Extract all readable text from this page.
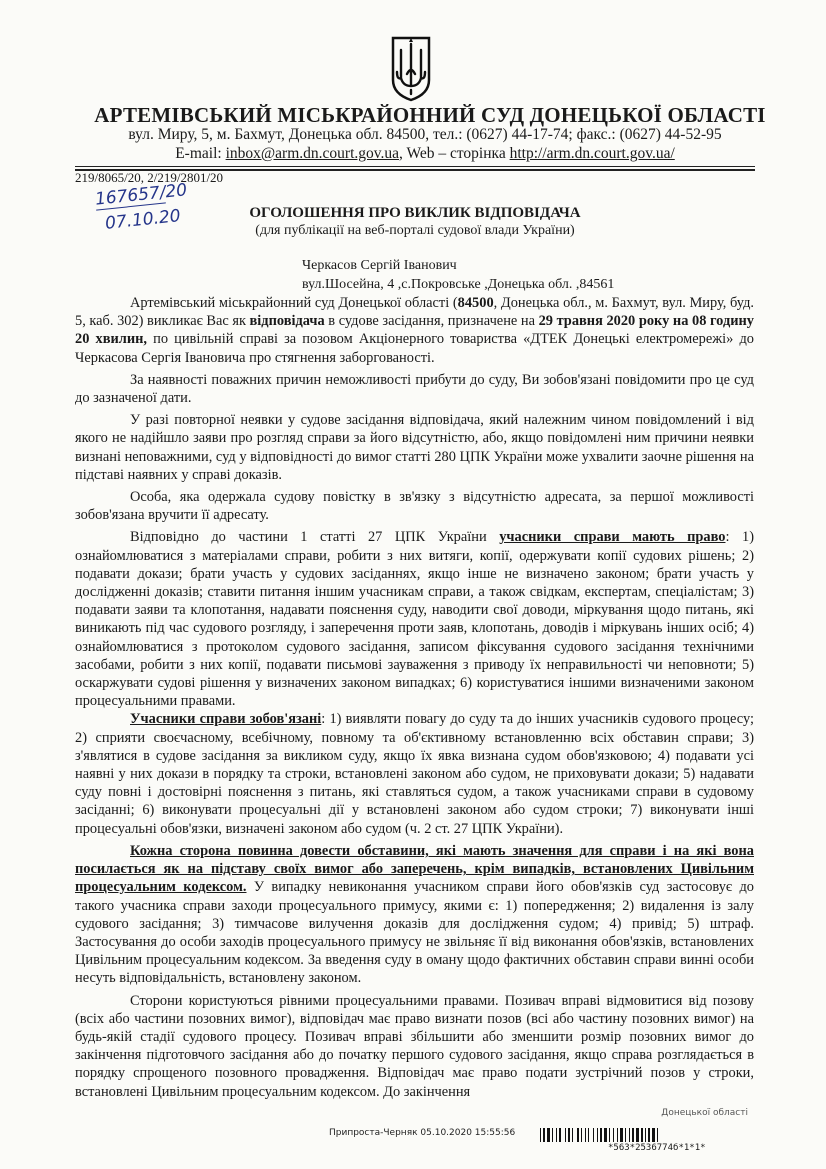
АРТЕМІВСЬКИЙ МІСЬКРАЙОННИЙ СУД ДОНЕЦЬКОЇ ОБЛАСТІ
вул. Миру, 5, м. Бахмут, Донецька обл. 84500, тел.: (0627) 44-17-74; факс.: (0627) 44-52-95
E-mail: inbox@arm.dn.court.gov.ua, Web – сторінка http://arm.dn.court.gov.ua/
219/8065/20, 2/219/2801/20
167657/20
07.10.20	ОГОЛОШЕННЯ ПРО ВИКЛИК ВІДПОВІДАЧА
(для публікації на веб-порталі судової влади України)
Черкасов Сергій Іванович
вул.Шосейна, 4 ,с.Покровське ,Донецька обл. ,84561

Артемівський міськрайонний суд Донецької області (84500, Донецька обл., м. Бахмут, вул. Миру, буд. 5, каб. 302) викликає Вас як відповідача в судове засідання, призначене на 29 травня 2020 року на 08 годину 20 хвилин, по цивільній справі за позовом Акціонерного товариства «ДТЕК Донецькі електромережі» до Черкасова Сергія Івановича про стягнення заборгованості.

За наявності поважних причин неможливості прибути до суду, Ви зобов'язані повідомити про це суд до зазначеної дати.

У разі повторної неявки у судове засідання відповідача, який належним чином повідомлений і від якого не надійшло заяви про розгляд справи за його відсутністю, або, якщо повідомлені ним причини неявки визнані неповажними, суд у відповідності до вимог статті 280 ЦПК України може ухвалити заочне рішення на підставі наявних у справі доказів.

Особа, яка одержала судову повістку в зв'язку з відсутністю адресата, за першої можливості зобов'язана вручити її адресату.

Відповідно до частини 1 статті 27 ЦПК України учасники справи мають право: 1) ознайомлюватися з матеріалами справи, робити з них витяги, копії, одержувати копії судових рішень; 2) подавати докази; брати участь у судових засіданнях, якщо інше не визначено законом; брати участь у дослідженні доказів; ставити питання іншим учасникам справи, а також свідкам, експертам, спеціалістам; 3) подавати заяви та клопотання, надавати пояснення суду, наводити свої доводи, міркування щодо питань, які виникають під час судового розгляду, і заперечення проти заяв, клопотань, доводів і міркувань інших осіб; 4) ознайомлюватися з протоколом судового засідання, записом фіксування судового засідання технічними засобами, робити з них копії, подавати письмові зауваження з приводу їх неправильності чи неповноти; 5) оскаржувати судові рішення у визначених законом випадках; 6) користуватися іншими визначеними законом процесуальними правами.

Учасники справи зобов'язані: 1) виявляти повагу до суду та до інших учасників судового процесу; 2) сприяти своєчасному, всебічному, повному та об'єктивному встановленню всіх обставин справи; 3) з'являтися в судове засідання за викликом суду, якщо їх явка визнана судом обов'язковою; 4) подавати усі наявні у них докази в порядку та строки, встановлені законом або судом, не приховувати докази; 5) надавати суду повні і достовірні пояснення з питань, які ставляться судом, а також учасниками справи в судовому засіданні; 6) виконувати процесуальні дії у встановлені законом або судом строки; 7) виконувати інші процесуальні обов'язки, визначені законом або судом (ч. 2 ст. 27 ЦПК України).

Кожна сторона повинна довести обставини, які мають значення для справи і на які вона посилається як на підставу своїх вимог або заперечень, крім випадків, встановлених Цивільним процесуальним кодексом. У випадку невиконання учасником справи його обов'язків суд застосовує до такого учасника справи заходи процесуального примусу, якими є: 1) попередження; 2) видалення із залу судового засідання; 3) тимчасове вилучення доказів для дослідження судом; 4) привід; 5) штраф. Застосування до особи заходів процесуального примусу не звільняє її від виконання обов'язків, встановлених Цивільним процесуальним кодексом. За введення суду в оману щодо фактичних обставин справи винні особи несуть відповідальність, встановлену законом.

Сторони користуються рівними процесуальними правами. Позивач вправі відмовитися від позову (всіх або частини позовних вимог), відповідач має право визнати позов (всі або частину позовних вимог) на будь-якій стадії судового процесу. Позивач вправі збільшити або зменшити розмір позовних вимог до закінчення підготовчого засідання або до початку першого судового засідання, якщо справа розглядається в порядку спрощеного позовного провадження. Відповідач має право подати зустрічний позов у строки, встановлені Цивільним процесуальним кодексом. До закінчення

Донецької області
Припроста-Черняк 05.10.2020 15:55:56
*563*2536774б*1*1*
